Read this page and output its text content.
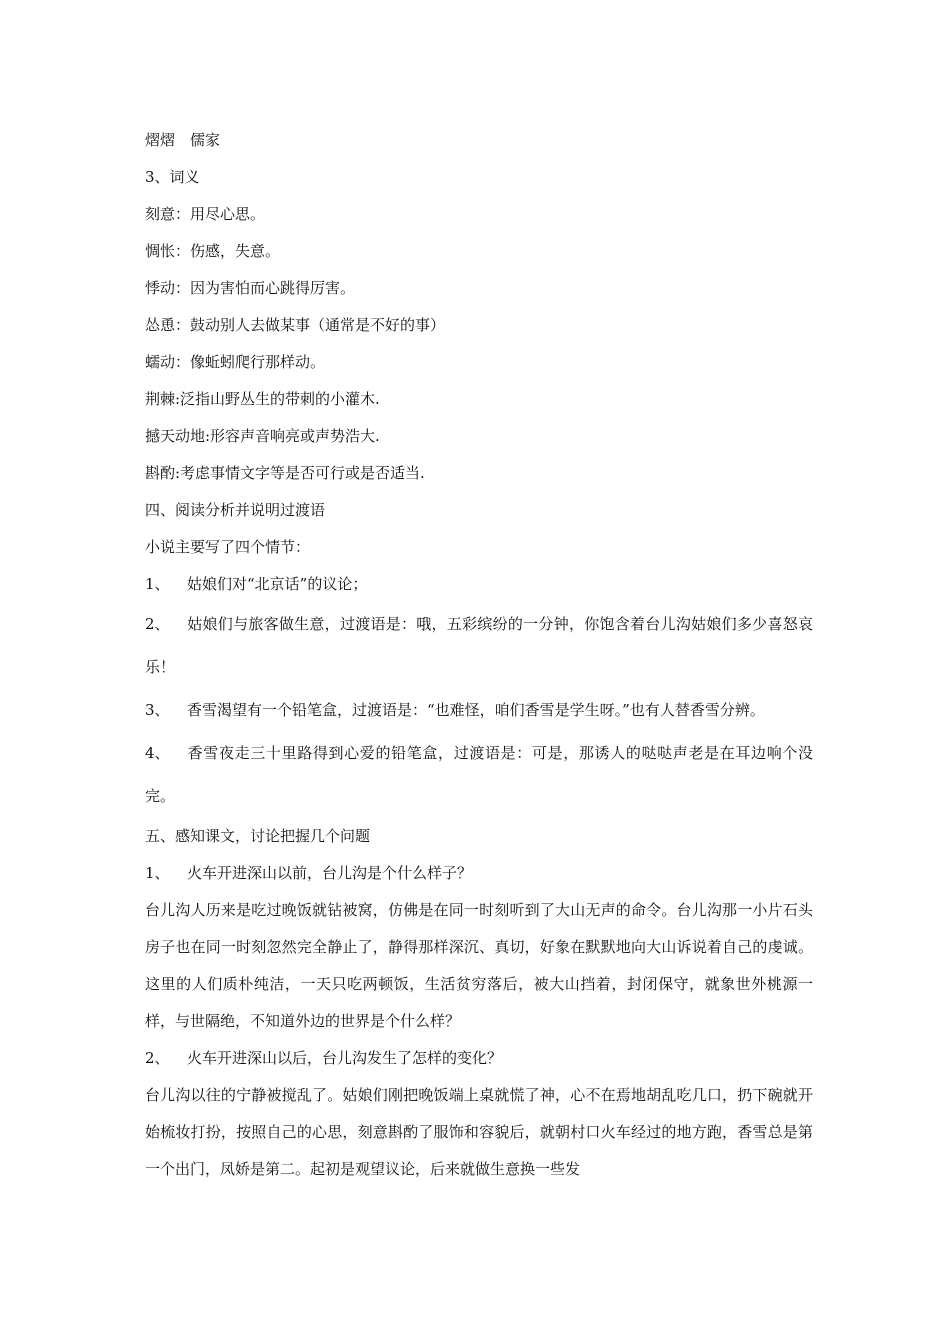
熠熠　儒家
3、词义
刻意：用尽心思。
惆怅：伤感，失意。
悸动：因为害怕而心跳得厉害。
怂恿：鼓动别人去做某事（通常是不好的事）
蠕动：像蚯蚓爬行那样动。
荆棘:泛指山野丛生的带刺的小灌木.
撼天动地:形容声音响亮或声势浩大.
斟酌:考虑事情文字等是否可行或是否适当.
四、阅读分析并说明过渡语
小说主要写了四个情节：
1、 姑娘们对“北京话”的议论；
2、 姑娘们与旅客做生意，过渡语是：哦，五彩缤纷的一分钟，你饱含着台儿沟姑娘们多少喜怒哀乐！
3、 香雪渴望有一个铅笔盒，过渡语是：“也难怪，咱们香雪是学生呀。”也有人替香雪分辨。
4、 香雪夜走三十里路得到心爱的铅笔盒，过渡语是：可是，那诱人的哒哒声老是在耳边响个没完。
五、感知课文，讨论把握几个问题
1、 火车开进深山以前，台儿沟是个什么样子？
台儿沟人历来是吃过晚饭就钻被窝，仿佛是在同一时刻听到了大山无声的命令。台儿沟那一小片石头房子也在同一时刻忽然完全静止了，静得那样深沉、真切，好象在默默地向大山诉说着自己的虔诚。这里的人们质朴纯洁，一天只吃两顿饭，生活贫穷落后，被大山挡着，封闭保守，就象世外桃源一样，与世隔绝，不知道外边的世界是个什么样？
2、 火车开进深山以后，台儿沟发生了怎样的变化？
台儿沟以往的宁静被搅乱了。姑娘们刚把晚饭端上桌就慌了神，心不在焉地胡乱吃几口，扔下碗就开始梳妆打扮，按照自己的心思，刻意斟酌了服饰和容貌后，就朝村口火车经过的地方跑，香雪总是第一个出门，凤娇是第二。起初是观望议论，后来就做生意换一些发
